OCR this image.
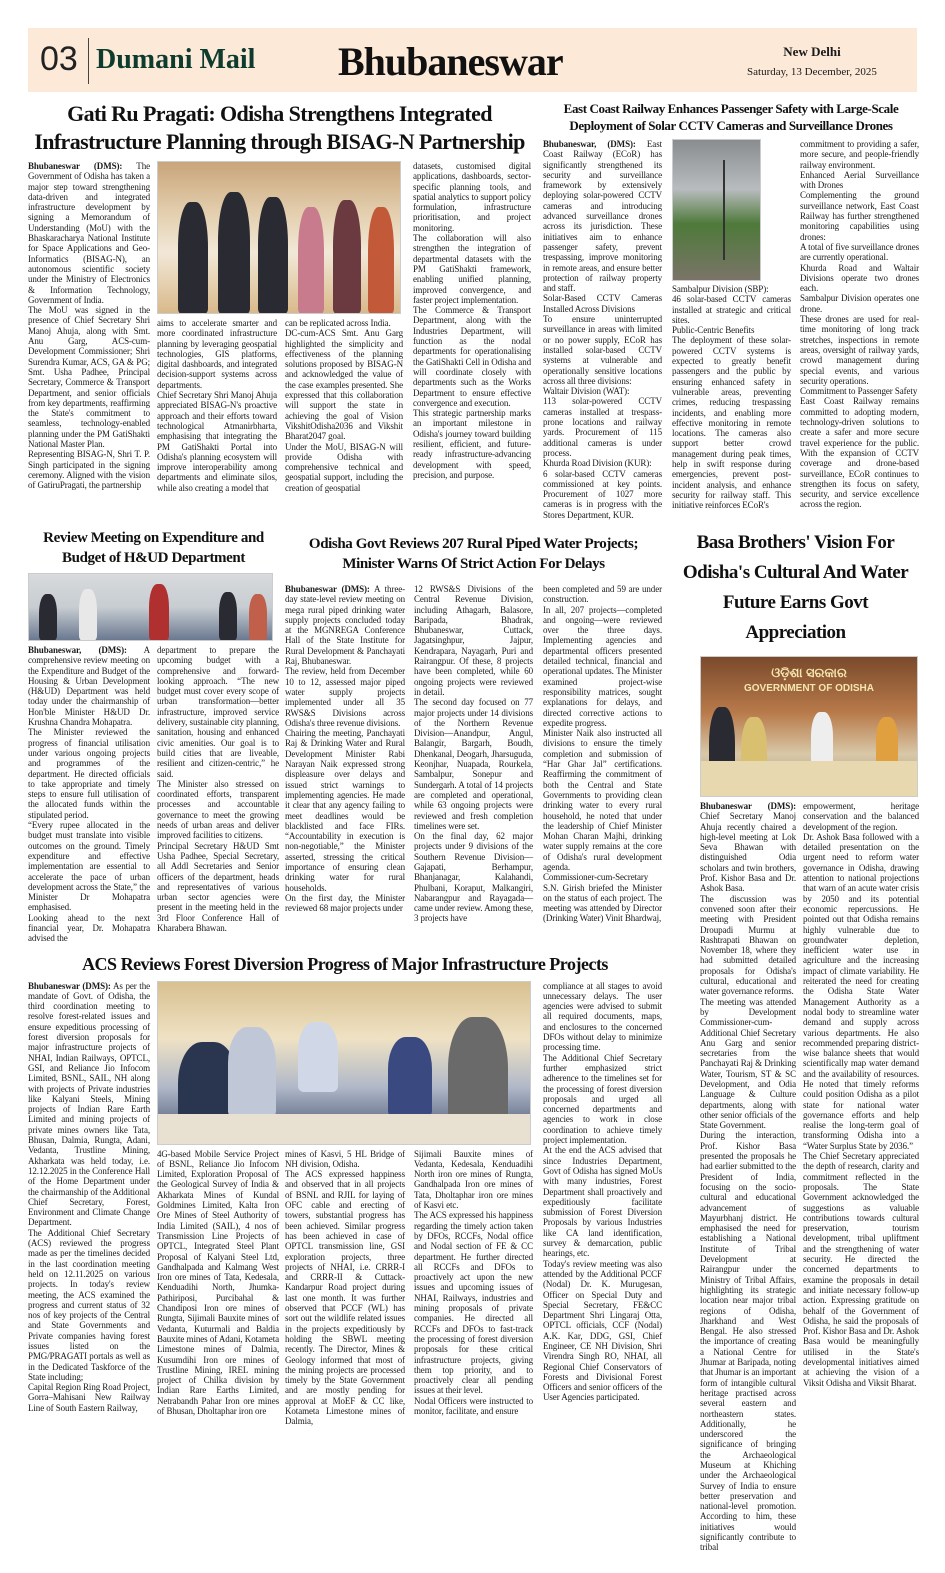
03 Dumani Mail Bhubaneswar	New Delhi
Saturday, 13 December, 2025
Gati Ru Pragati: Odisha Strengthens Integrated Infrastructure Planning through BISAG-N Partnership

Bhubaneswar (DMS): The Government of Odisha has taken a major step toward strengthening data-driven and integrated infrastructure development by signing a Memorandum of Understanding (MoU) with the Bhaskaracharya National Institute for Space Applications and Geo-Informatics (BISAG-N), an autonomous scientific society under the Ministry of Electronics & Information Technology, Government of India.

The MoU was signed in the presence of Chief Secretary Shri Manoj Ahuja, along with Smt. Anu Garg, ACS-cum-Development Commissioner; Shri Surendra Kumar, ACS, GA & PG; Smt. Usha Padhee, Principal Secretary, Commerce & Transport Department, and senior officials from key departments, reaffirming the State's commitment to seamless, technology-enabled planning under the PM GatiShakti National Master Plan.

Representing BISAG-N, Shri T. P. Singh participated in the signing ceremony. Aligned with the vision of GatiruPragati, the partnership

aims to accelerate smarter and more coordinated infrastructure planning by leveraging geospatial technologies, GIS platforms, digital dashboards, and integrated decision-support systems across departments.

Chief Secretary Shri Manoj Ahuja appreciated BISAG-N's proactive approach and their efforts toward technological Atmanirbharta, emphasising that integrating the PM GatiShakti Portal into Odisha's planning ecosystem will improve interoperability among departments and eliminate silos, while also creating a model that

can be replicated across India.

DC-cum-ACS Smt. Anu Garg highlighted the simplicity and effectiveness of the planning solutions proposed by BISAG-N and acknowledged the value of the case examples presented. She expressed that this collaboration will support the state in achieving the goal of Vision VikshitOdisha2036 and Vikshit Bharat2047 goal.

Under the MoU, BISAG-N will provide Odisha with comprehensive technical and geospatial support, including the creation of geospatial

datasets, customised digital applications, dashboards, sector-specific planning tools, and spatial analytics to support policy formulation, infrastructure prioritisation, and project monitoring.

The collaboration will also strengthen the integration of departmental datasets with the PM GatiShakti framework, enabling unified planning, improved convergence, and faster project implementation.

The Commerce & Transport Department, along with the Industries Department, will function as the nodal departments for operationalising the GatiShakti Cell in Odisha and will coordinate closely with departments such as the Works Department to ensure effective convergence and execution.

This strategic partnership marks an important milestone in Odisha's journey toward building resilient, efficient, and future-ready infrastructure-advancing development with speed, precision, and purpose.

East Coast Railway Enhances Passenger Safety with Large-Scale Deployment of Solar CCTV Cameras and Surveillance Drones

Bhubaneswar, (DMS): East Coast Railway (ECoR) has significantly strengthened its security and surveillance framework by extensively deploying solar-powered CCTV cameras and introducing advanced surveillance drones across its jurisdiction. These initiatives aim to enhance passenger safety, prevent trespassing, improve monitoring in remote areas, and ensure better protection of railway property and staff.

Solar-Based CCTV Cameras Installed Across Divisions

To ensure uninterrupted surveillance in areas with limited or no power supply, ECoR has installed solar-based CCTV systems at vulnerable and operationally sensitive locations across all three divisions:

Waltair Division (WAT):

113 solar-powered CCTV cameras installed at trespass-prone locations and railway yards. Procurement of 115 additional cameras is under process.

Khurda Road Division (KUR):

6 solar-based CCTV cameras commissioned at key points. Procurement of 1027 more cameras is in progress with the Stores Department, KUR.

Sambalpur Division (SBP):

46 solar-based CCTV cameras installed at strategic and critical sites.

Public-Centric Benefits

The deployment of these solar-powered CCTV systems is expected to greatly benefit passengers and the public by ensuring enhanced safety in vulnerable areas, preventing crimes, reducing trespassing incidents, and enabling more effective monitoring in remote locations. The cameras also support better crowd management during peak times, help in swift response during emergencies, prevent post-incident analysis, and enhance security for railway staff. This initiative reinforces ECoR's

commitment to providing a safer, more secure, and people-friendly railway environment.

Enhanced Aerial Surveillance with Drones

Complementing the ground surveillance network, East Coast Railway has further strengthened monitoring capabilities using drones:

A total of five surveillance drones are currently operational.

Khurda Road and Waltair Divisions operate two drones each.

Sambalpur Division operates one drone.

These drones are used for real-time monitoring of long track stretches, inspections in remote areas, oversight of railway yards, crowd management during special events, and various security operations.

Commitment to Passenger Safety

East Coast Railway remains committed to adopting modern, technology-driven solutions to create a safer and more secure travel experience for the public. With the expansion of CCTV coverage and drone-based surveillance, ECoR continues to strengthen its focus on safety, security, and service excellence across the region.

Review Meeting on Expenditure and Budget of H&UD Department

Bhubaneswar, (DMS): A comprehensive review meeting on the Expenditure and Budget of the Housing & Urban Development (H&UD) Department was held today under the chairmanship of Hon'ble Minister H&UD Dr. Krushna Chandra Mohapatra.

The Minister reviewed the progress of financial utilisation under various ongoing projects and programmes of the department. He directed officials to take appropriate and timely steps to ensure full utilisation of the allocated funds within the stipulated period.

“Every rupee allocated in the budget must translate into visible outcomes on the ground. Timely expenditure and effective implementation are essential to accelerate the pace of urban development across the State,” the Minister Dr Mohapatra emphasised.

Looking ahead to the next financial year, Dr. Mohapatra advised the

department to prepare the upcoming budget with a comprehensive and forward-looking approach. “The new budget must cover every scope of urban transformation—better infrastructure, improved service delivery, sustainable city planning, sanitation, housing and enhanced civic amenities. Our goal is to build cities that are liveable, resilient and citizen-centric,” he said.

The Minister also stressed on coordinated efforts, transparent processes and accountable governance to meet the growing needs of urban areas and deliver improved facilities to citizens.

Principal Secretary H&UD Smt Usha Padhee, Special Secretary, all Addl Secretaries and Senior officers of the department, heads and representatives of various urban sector agencies were present in the meeting held in the 3rd Floor Conference Hall of Kharabera Bhawan.

Odisha Govt Reviews 207 Rural Piped Water Projects; Minister Warns Of Strict Action For Delays

Bhubaneswar (DMS): A three-day state-level review meeting on mega rural piped drinking water supply projects concluded today at the MGNREGA Conference Hall of the State Institute for Rural Development & Panchayati Raj, Bhubaneswar.

The review, held from December 10 to 12, assessed major piped water supply projects implemented under all 35 RWS&S Divisions across Odisha's three revenue divisions.

Chairing the meeting, Panchayati Raj & Drinking Water and Rural Development Minister Rabi Narayan Naik expressed strong displeasure over delays and issued strict warnings to implementing agencies. He made it clear that any agency failing to meet deadlines would be blacklisted and face FIRs. “Accountability in execution is non-negotiable,” the Minister asserted, stressing the critical importance of ensuring clean drinking water for rural households.

On the first day, the Minister reviewed 68 major projects under

12 RWS&S Divisions of the Central Revenue Division, including Athagarh, Balasore, Baripada, Bhadrak, Bhubaneswar, Cuttack, Jagatsinghpur, Jajpur, Kendrapara, Nayagarh, Puri and Rairangpur. Of these, 8 projects have been completed, while 60 ongoing projects were reviewed in detail.

The second day focused on 77 major projects under 14 divisions of the Northern Revenue Division—Anandpur, Angul, Balangir, Bargarh, Boudh, Dhenkanal, Deogarh, Jharsuguda, Keonjhar, Nuapada, Rourkela, Sambalpur, Sonepur and Sundergarh. A total of 14 projects are completed and operational, while 63 ongoing projects were reviewed and fresh completion timelines were set.

On the final day, 62 major projects under 9 divisions of the Southern Revenue Division—Gajapati, Berhampur, Bhanjanagar, Kalahandi, Phulbani, Koraput, Malkangiri, Nabarangpur and Rayagada—came under review. Among these, 3 projects have

been completed and 59 are under construction.

In all, 207 projects—completed and ongoing—were reviewed over the three days. Implementing agencies and departmental officers presented detailed technical, financial and operational updates. The Minister examined project-wise responsibility matrices, sought explanations for delays, and directed corrective actions to expedite progress.

Minister Naik also instructed all divisions to ensure the timely completion and submission of “Har Ghar Jal” certifications. Reaffirming the commitment of both the Central and State Governments to providing clean drinking water to every rural household, he noted that under the leadership of Chief Minister Mohan Charan Majhi, drinking water supply remains at the core of Odisha's rural development agenda.

Commissioner-cum-Secretary S.N. Girish briefed the Minister on the status of each project. The meeting was attended by Director (Drinking Water) Vinit Bhardwaj,

ACS Reviews Forest Diversion Progress of Major Infrastructure Projects

Bhubaneswar (DMS): As per the mandate of Govt. of Odisha, the third coordination meeting to resolve forest-related issues and ensure expeditious processing of forest diversion proposals for major infrastructure projects of NHAI, Indian Railways, OPTCL, GSI, and Reliance Jio Infocom Limited, BSNL, SAIL, NH along with projects of Private industries like Kalyani Steels, Mining projects of Indian Rare Earth Limited and mining projects of private mines owners like Tata, Bhusan, Dalmia, Rungta, Adani, Vedanta, Trustline Mining, Akharkata was held today, i.e. 12.12.2025 in the Conference Hall of the Home Department under the chairmanship of the Additional Chief Secretary, Forest, Environment and Climate Change Department.

The Additional Chief Secretary (ACS) reviewed the progress made as per the timelines decided in the last coordination meeting held on 12.11.2025 on various projects. In today's review meeting, the ACS examined the progress and current status of 32 nos of key projects of the Central and State Governments and Private companies having forest issues listed on the PMG/PRAGATI portals as well as in the Dedicated Taskforce of the State including;

Capital Region Ring Road Project, Gorra–Mahisani New Railway Line of South Eastern Railway,

4G-based Mobile Service Project of BSNL, Reliance Jio Infocom Limited, Exploration Proposal of the Geological Survey of India & Akharkata Mines of Kundal Goldmines Limited, Kalta Iron Ore Mines of Steel Authority of India Limited (SAIL), 4 nos of Transmission Line Projects of OPTCL, Integrated Steel Plant Proposal of Kalyani Steel Ltd, Gandhalpada and Kalmang West Iron ore mines of Tata, Kedesala, Kenduadihi North, Jhumka-Pathiriposi, Purcibahal & Chandiposi Iron ore mines of Rungta, Sijimali Bauxite mines of Vedanta, Kuturmali and Baldia Bauxite mines of Adani, Kotameta Limestone mines of Dalmia, Kusumdihi Iron ore mines of Trustline Mining, IREL mining project of Chilka division by Indian Rare Earths Limited, Netrabandh Pahar Iron ore mines of Bhusan, Dholtaphar iron ore

mines of Kasvi, 5 HL Bridge of NH division, Odisha.

The ACS expressed happiness and observed that in all projects of BSNL and RJIL for laying of OFC cable and erecting of towers, substantial progress has been achieved. Similar progress has been achieved in case of OPTCL transmission line, GSI exploration projects, three projects of NHAI, i.e. CRRR-I and CRRR-II & Cuttack-Kandarpur Road project during last one month. It was further observed that PCCF (WL) has sort out the wildlife related issues in the projects expeditiously by holding the SBWL meeting recently. The Director, Mines & Geology informed that most of the mining projects are processed timely by the State Government and are mostly pending for approval at MoEF & CC like, Kotameta Limestone mines of Dalmia,

Sijimali Bauxite mines of Vedanta, Kedesala, Kenduadihi North iron ore mines of Rungta, Gandhalpada Iron ore mines of Tata, Dholtaphar iron ore mines of Kasvi etc.

The ACS expressed his happiness regarding the timely action taken by DFOs, RCCFs, Nodal office and Nodal section of FE & CC department. He further directed all RCCFs and DFOs to proactively act upon the new issues and upcoming issues of NHAI, Railways, industries and mining proposals of private companies. He directed all RCCFs and DFOs to fast-track the processing of forest diversion proposals for these critical infrastructure projects, giving them top priority, and to proactively clear all pending issues at their level.

Nodal Officers were instructed to monitor, facilitate, and ensure

compliance at all stages to avoid unnecessary delays. The user agencies were advised to submit all required documents, maps, and enclosures to the concerned DFOs without delay to minimize processing time.

The Additional Chief Secretary further emphasized strict adherence to the timelines set for the processing of forest diversion proposals and urged all concerned departments and agencies to work in close coordination to achieve timely project implementation.

At the end the ACS advised that since Industries Department, Govt of Odisha has signed MoUs with many industries, Forest Department shall proactively and expeditiously facilitate submission of Forest Diversion Proposals by various Industries like CA land identification, survey & demarcation, public hearings, etc.

Today's review meeting was also attended by the Additional PCCF (Nodal) Dr. K. Murugesan, Officer on Special Duty and Special Secretary, FE&CC Department Shri Lingaraj Otta, OPTCL officials, CCF (Nodal) A.K. Kar, DDG, GSI, Chief Engineer, CE NH Division, Shri Virendra Singh RO, NHAI, all Regional Chief Conservators of Forests and Divisional Forest Officers and senior officers of the User Agencies participated.

Basa Brothers' Vision For Odisha's Cultural And Water Future Earns Govt Appreciation
ଓଡ଼ିଶା ସରକାର
GOVERNMENT OF ODISHA

Bhubaneswar (DMS): Chief Secretary Manoj Ahuja recently chaired a high-level meeting at Lok Seva Bhawan with distinguished Odia scholars and twin brothers, Prof. Kishor Basa and Dr. Ashok Basa.

The discussion was convened soon after their meeting with President Droupadi Murmu at Rashtrapati Bhawan on November 18, where they had submitted detailed proposals for Odisha's cultural, educational and water governance reforms.

The meeting was attended by Development Commissioner-cum-Additional Chief Secretary Anu Garg and senior secretaries from the Panchayati Raj & Drinking Water, Tourism, ST & SC Development, and Odia Language & Culture departments, along with other senior officials of the State Government.

During the interaction, Prof. Kishor Basa presented the proposals he had earlier submitted to the President of India, focusing on the socio-cultural and educational advancement of Mayurbhanj district. He emphasised the need for establishing a National Institute of Tribal Development at Rairangpur under the Ministry of Tribal Affairs, highlighting its strategic location near major tribal regions of Odisha, Jharkhand and West Bengal. He also stressed the importance of creating a National Centre for Jhumar at Baripada, noting that Jhumar is an important form of intangible cultural heritage practised across several eastern and northeastern states. Additionally, he underscored the significance of bringing the Archaeological Museum at Khiching under the Archaeological Survey of India to ensure better preservation and national-level promotion. According to him, these initiatives would significantly contribute to tribal

empowerment, heritage conservation and the balanced development of the region.

Dr. Ashok Basa followed with a detailed presentation on the urgent need to reform water governance in Odisha, drawing attention to national projections that warn of an acute water crisis by 2050 and its potential economic repercussions. He pointed out that Odisha remains highly vulnerable due to groundwater depletion, inefficient water use in agriculture and the increasing impact of climate variability. He reiterated the need for creating the Odisha State Water Management Authority as a nodal body to streamline water demand and supply across various departments. He also recommended preparing district-wise balance sheets that would scientifically map water demand and the availability of resources. He noted that timely reforms could position Odisha as a pilot state for national water governance efforts and help realise the long-term goal of transforming Odisha into a “Water Surplus State by 2036.”

The Chief Secretary appreciated the depth of research, clarity and commitment reflected in the proposals. The State Government acknowledged the suggestions as valuable contributions towards cultural preservation, tourism development, tribal upliftment and the strengthening of water security. He directed the concerned departments to examine the proposals in detail and initiate necessary follow-up action. Expressing gratitude on behalf of the Government of Odisha, he said the proposals of Prof. Kishor Basa and Dr. Ashok Basa would be meaningfully utilised in the State's developmental initiatives aimed at achieving the vision of a Viksit Odisha and Viksit Bharat.
